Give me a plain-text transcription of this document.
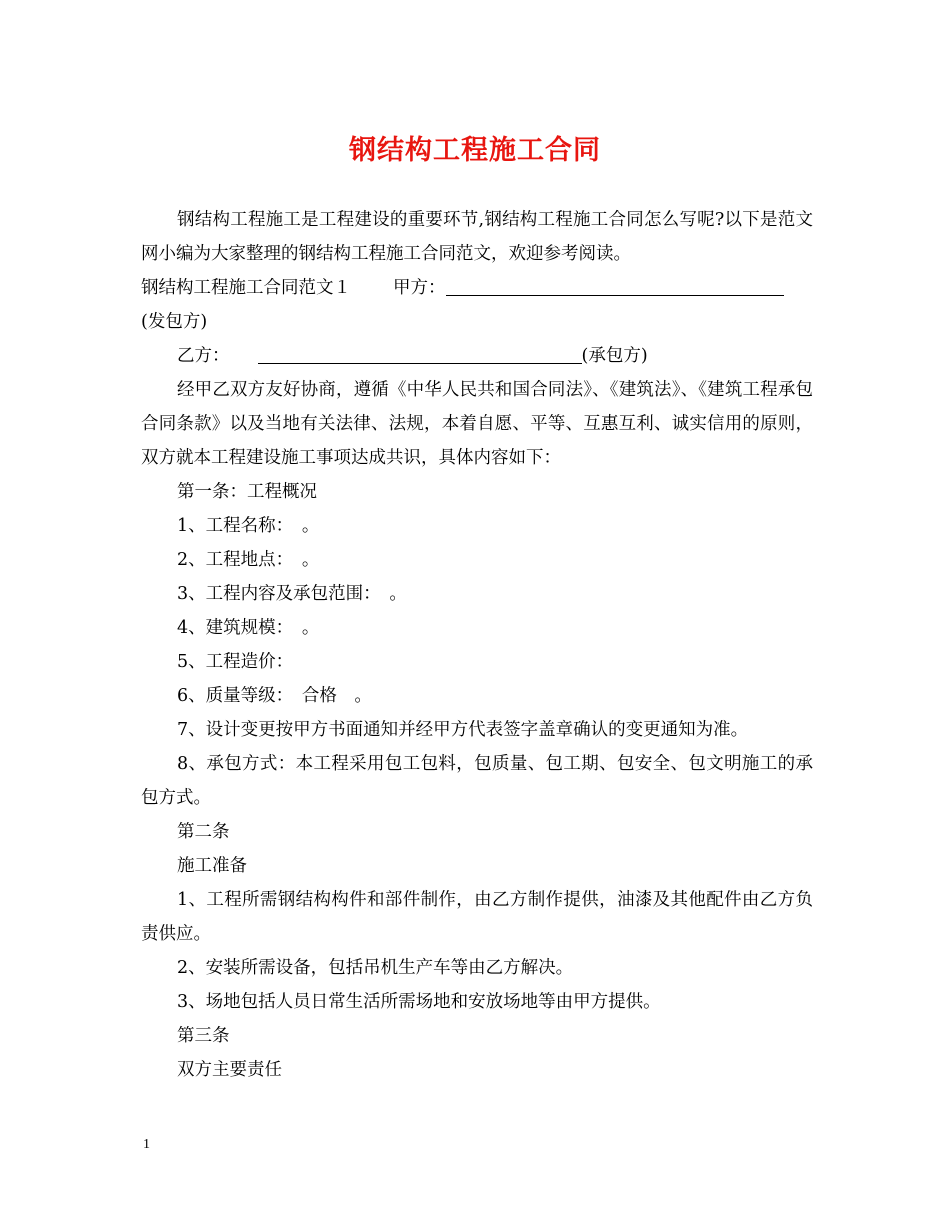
钢结构工程施工合同

钢结构工程施工是工程建设的重要环节,钢结构工程施工合同怎么写呢?以下是范文网小编为大家整理的钢结构工程施工合同范文，欢迎参考阅读。

钢结构工程施工合同范文１ 甲方：

(发包方)

乙方：	(承包方)

经甲乙双方友好协商，遵循《中华人民共和国合同法》、《建筑法》、《建筑工程承包合同条款》以及当地有关法律、法规，本着自愿、平等、互惠互利、诚实信用的原则，双方就本工程建设施工事项达成共识，具体内容如下：

第一条：工程概况

1、工程名称：　。

2、工程地点：　。

3、工程内容及承包范围：　。

4、建筑规模：　。

5、工程造价：

6、质量等级：　合格　。

7、设计变更按甲方书面通知并经甲方代表签字盖章确认的变更通知为准。

8、承包方式：本工程采用包工包料，包质量、包工期、包安全、包文明施工的承包方式。

第二条

施工准备

1、工程所需钢结构构件和部件制作，由乙方制作提供，油漆及其他配件由乙方负责供应。

2、安装所需设备，包括吊机生产车等由乙方解决。

3、场地包括人员日常生活所需场地和安放场地等由甲方提供。

第三条

双方主要责任

1
